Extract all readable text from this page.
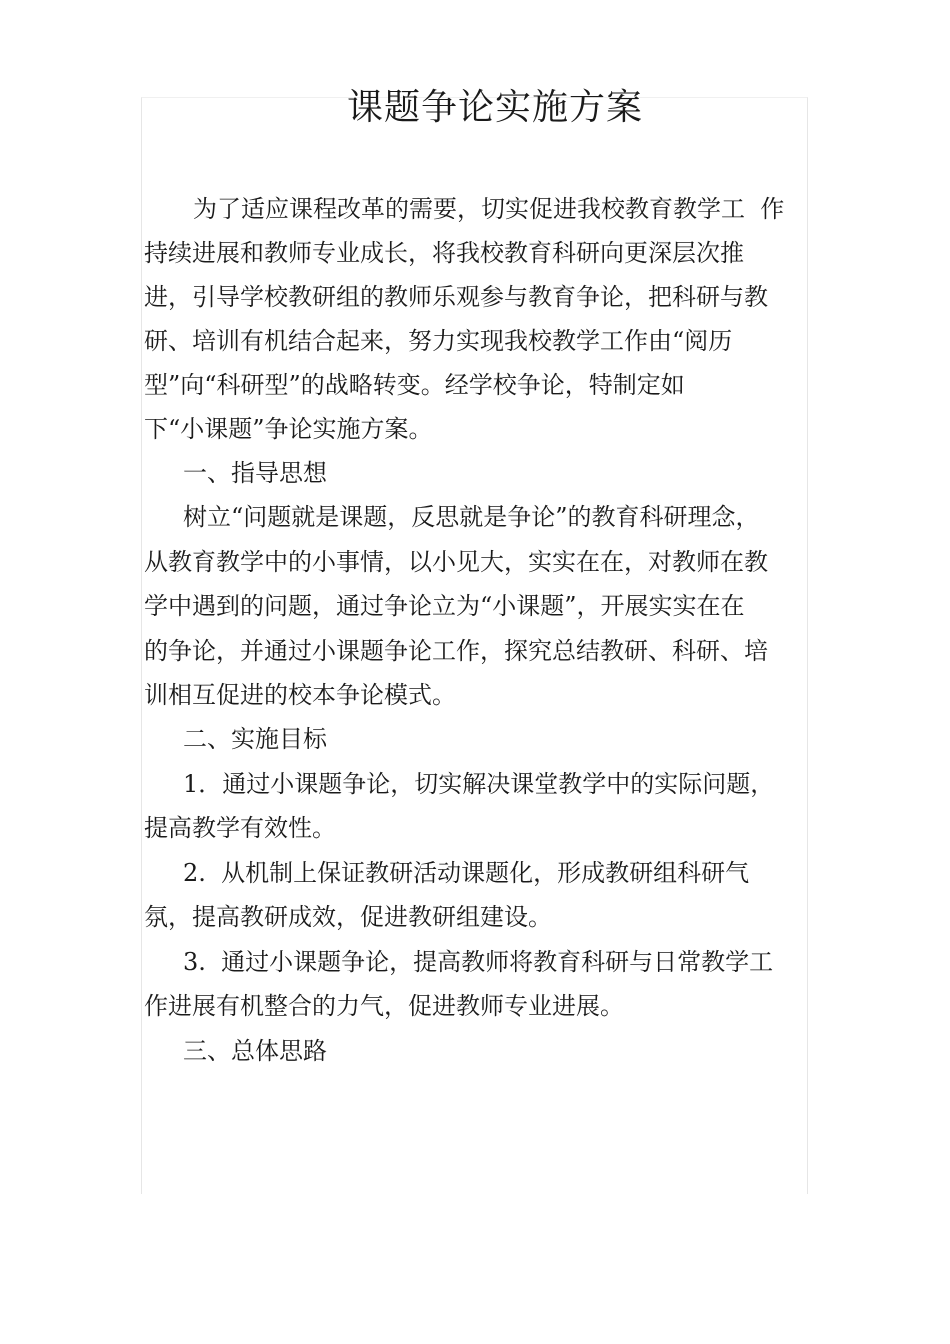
课题争论实施方案

为了适应课程改革的需要，切实促进我校教育教学工  作

持续进展和教师专业成长，将我校教育科研向更深层次推

进，引导学校教研组的教师乐观参与教育争论，把科研与教

研、培训有机结合起来，努力实现我校教学工作由“阅历

型”向“科研型”的战略转变。经学校争论，特制定如

下“小课题”争论实施方案。

一、指导思想

树立“问题就是课题，反思就是争论”的教育科研理念，

从教育教学中的小事情，以小见大，实实在在，对教师在教

学中遇到的问题，通过争论立为“小课题”，开展实实在在

的争论，并通过小课题争论工作，探究总结教研、科研、培

训相互促进的校本争论模式。

二、实施目标

1．通过小课题争论，切实解决课堂教学中的实际问题，

提高教学有效性。

2.  从机制上保证教研活动课题化，形成教研组科研气

氛，提高教研成效，促进教研组建设。

3.  通过小课题争论，提高教师将教育科研与日常教学工

作进展有机整合的力气，促进教师专业进展。

三、总体思路
